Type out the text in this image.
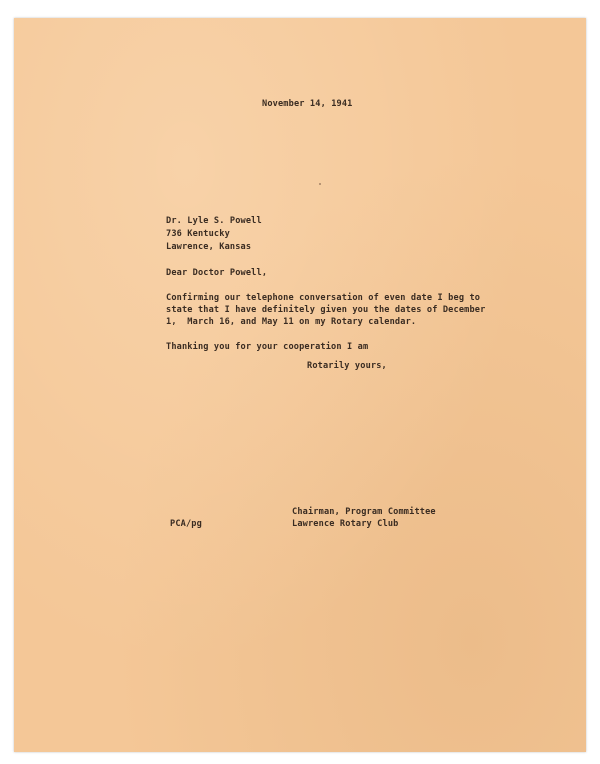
November 14, 1941
Dr. Lyle S. Powell
736 Kentucky
Lawrence, Kansas
Dear Doctor Powell,
Confirming our telephone conversation of even date I beg to
state that I have definitely given you the dates of December
1,  March 16, and May 11 on my Rotary calendar.
Thanking you for your cooperation I am
Rotarily yours,
Chairman, Program Committee
PCA/pg	Lawrence Rotary Club
